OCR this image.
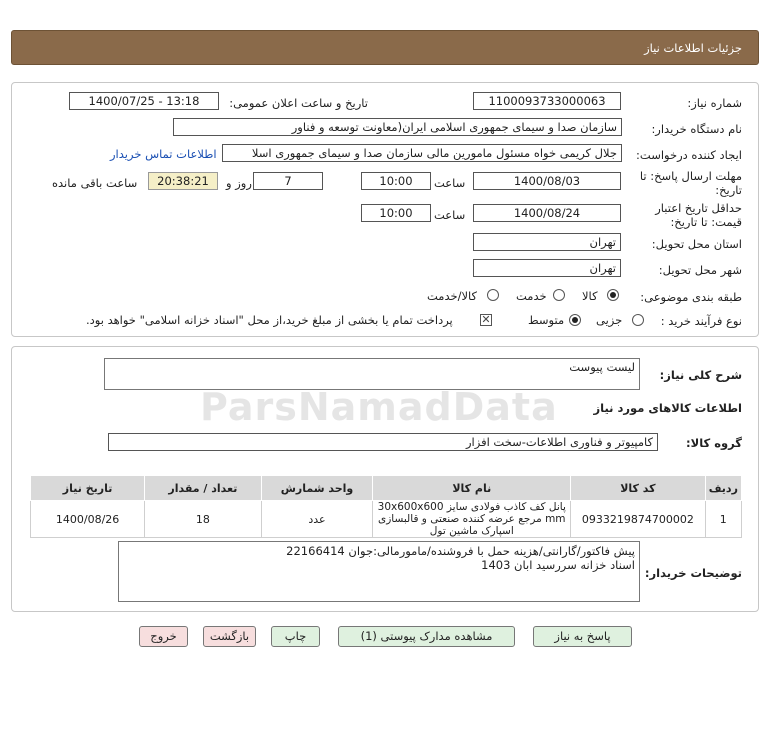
جزئیات اطلاعات نیاز
شماره نیاز:
1100093733000063
تاریخ و ساعت اعلان عمومی:
1400/07/25 - 13:18
نام دستگاه خریدار:
سازمان صدا و سیمای جمهوری اسلامی ایران(معاونت توسعه و فناور
ایجاد کننده درخواست:
جلال کریمی خواه مسئول مامورین مالی سازمان صدا و سیمای جمهوری اسلا
اطلاعات تماس خریدار
مهلت ارسال پاسخ: تا
تاریخ:
1400/08/03
ساعت
10:00
7
روز و
20:38:21
ساعت باقی مانده
حداقل تاریخ اعتبار
قیمت: تا تاریخ:
1400/08/24
ساعت
10:00
استان محل تحویل:
تهران
شهر محل تحویل:
تهران
طبقه بندی موضوعی:
کالا
خدمت
کالا/خدمت
نوع فرآیند خرید :
جزیی
متوسط
✕
پرداخت تمام یا بخشی از مبلغ خرید،از محل "اسناد خزانه اسلامی" خواهد بود.
شرح کلی نیاز:
لیست پیوست
اطلاعات کالاهای مورد نیاز
گروه کالا:
کامپیوتر و فناوری اطلاعات-سخت افزار
ردیف	کد کالا	نام کالا	واحد شمارش	تعداد / مقدار	تاریخ نیاز
1	0933219874700002	پانل کف کاذب فولادی سایز 30x600x600 mm مرجع عرضه کننده صنعتی و قالبسازی اسپارک ماشین تول	عدد	18	1400/08/26
توضیحات خریدار:
پیش فاکتور/گارانتی/هزینه حمل با فروشنده/مامورمالی:جوان 22166414
اسناد خزانه سررسید ابان 1403
پاسخ به نیاز
مشاهده مدارک پیوستی (1)
چاپ
بازگشت
خروج
ParsNamadData
